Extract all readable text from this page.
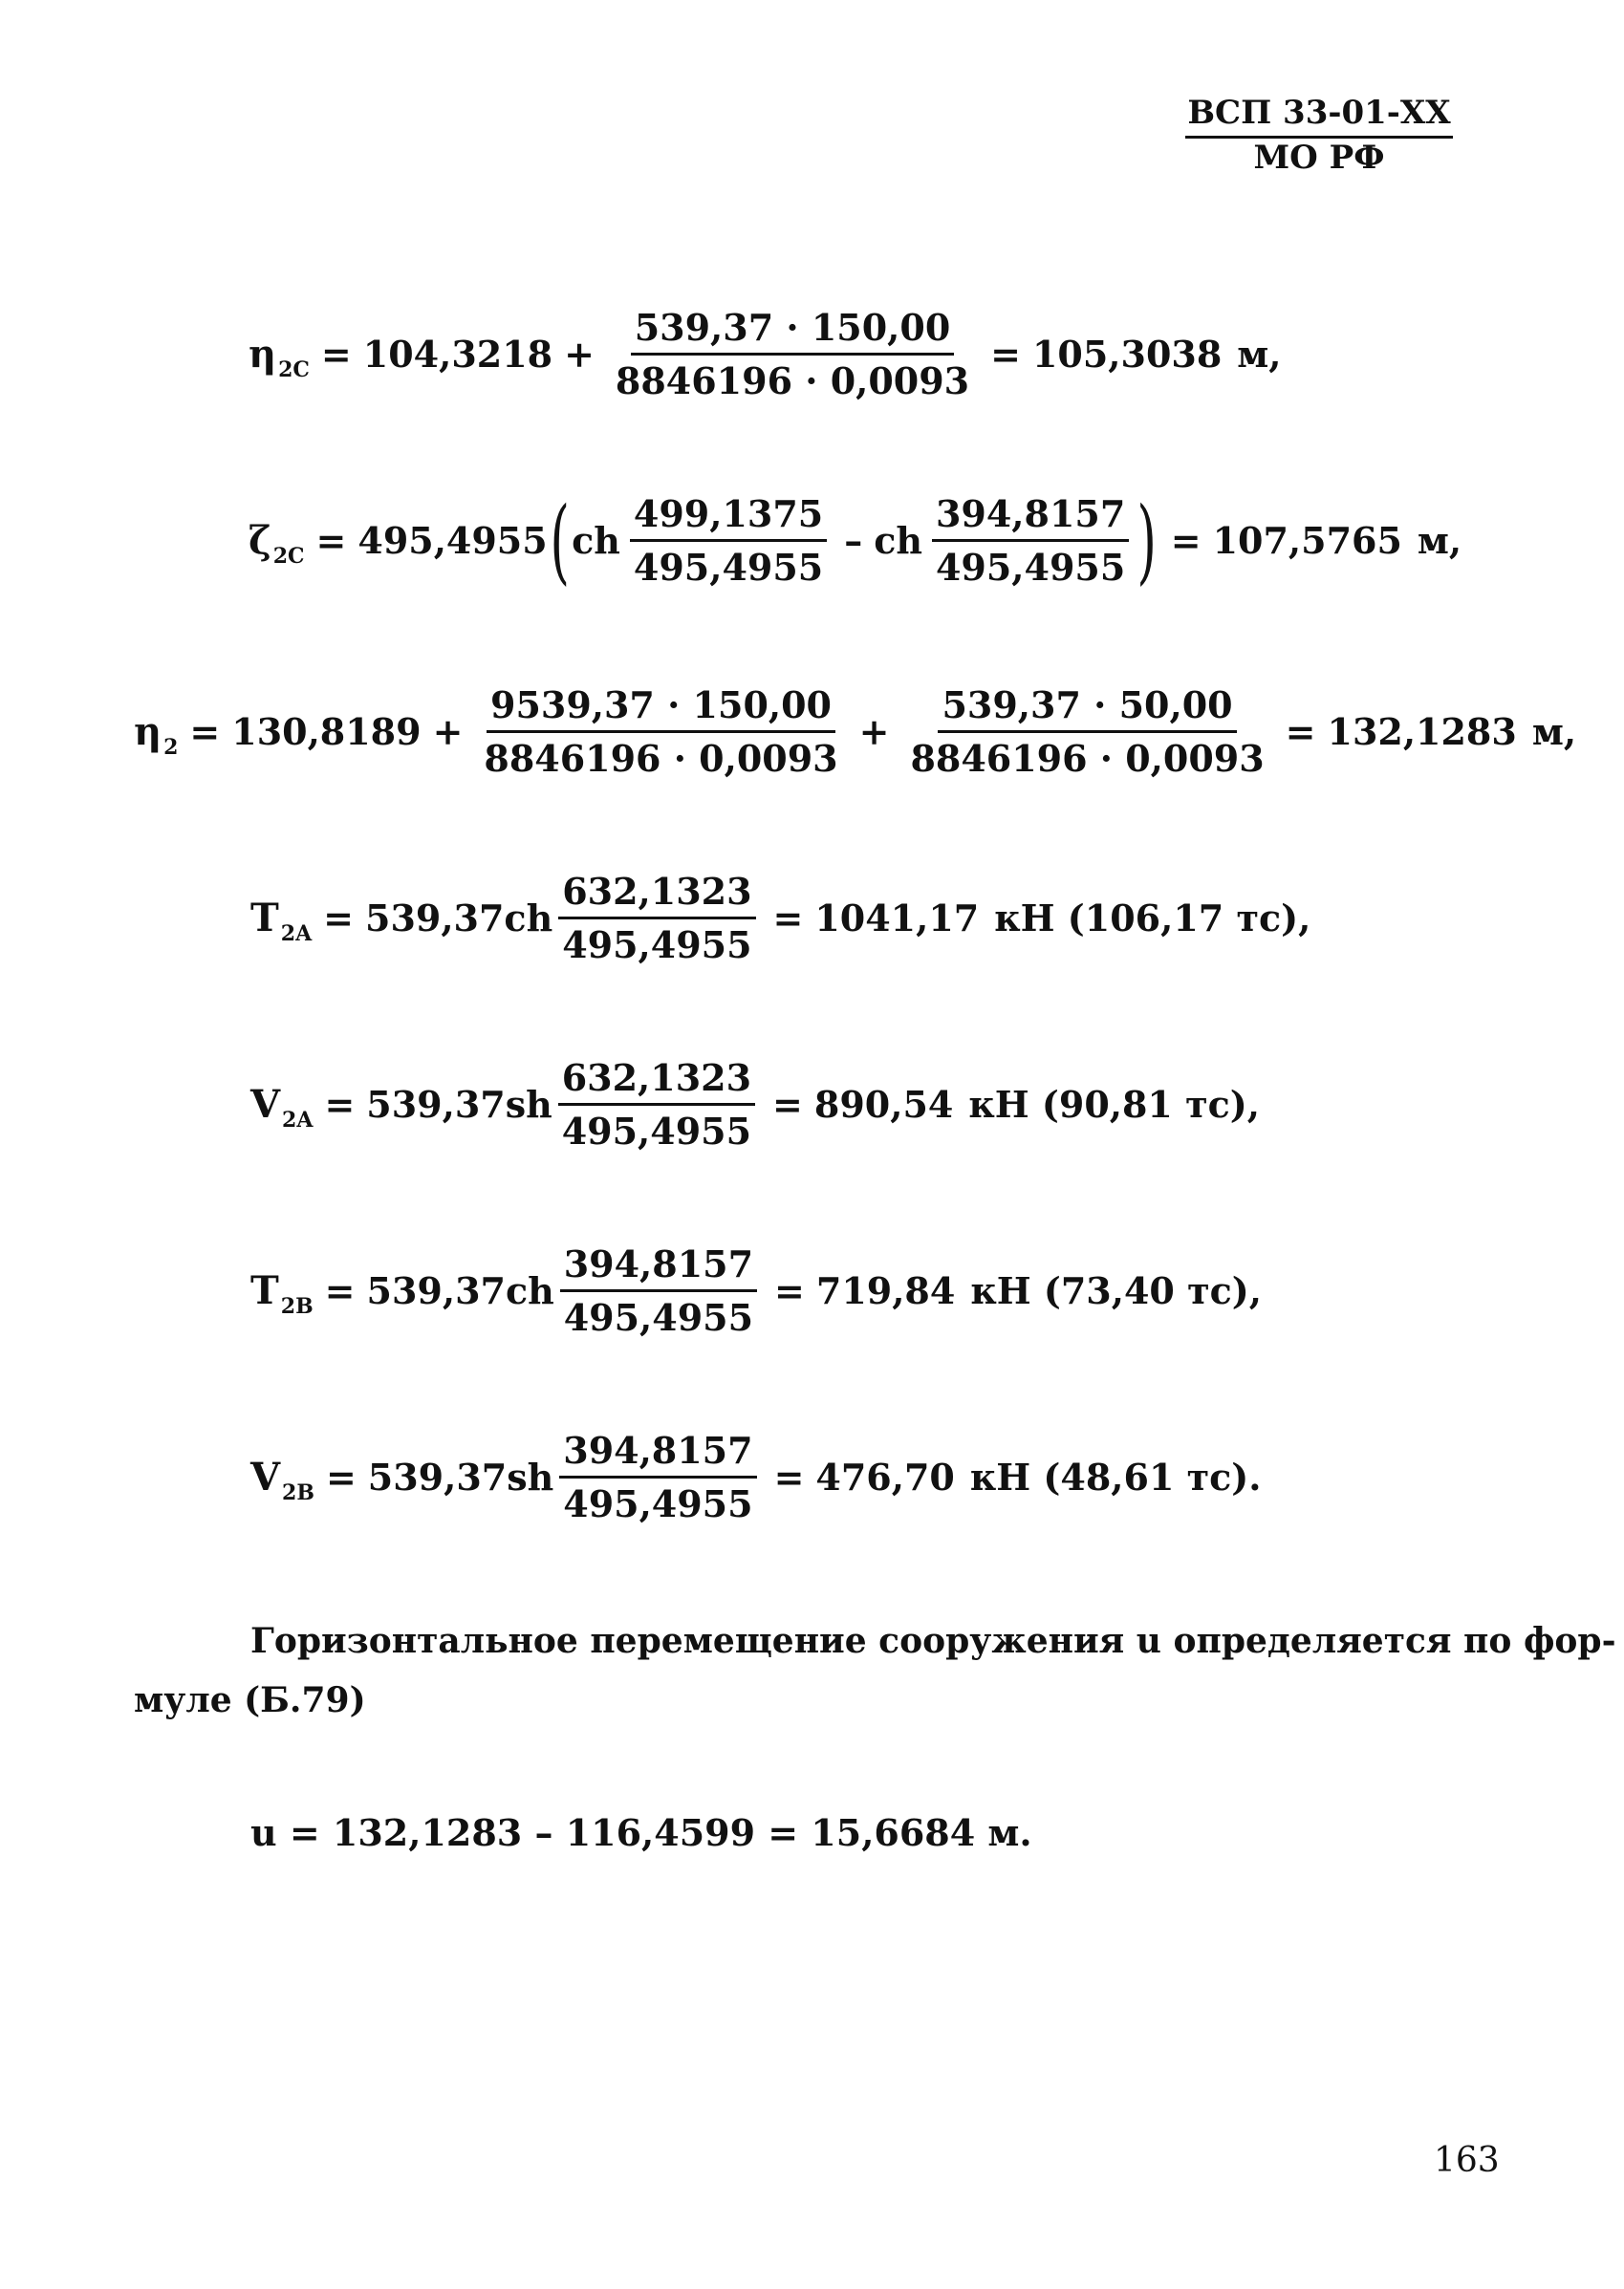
ВСП 33-01-XX
МО РФ
η $2C = 104,3218 + \frac{539,37 \cdot 150,00}{8846196 \cdot 0,0093} = 105,3038$ м,
ζ 2C = 495,4955 ( ch $\frac{499,1375}{495,4955}$ – ch $\frac{394,8157}{495,4955}$ ) = 107,5765 м,
η $2 = 130,8189 + \frac{9539,37 \cdot 150,00}{8846196 \cdot 0,0093} + \frac{539,37 \cdot 50,00}{8846196 \cdot 0,0093} = 132,1283$ м,
T $2A = 539,37ch \frac{632,1323}{495,4955} = 1041,17$ кН (106,17 тс),
V $2A = 539,37sh \frac{632,1323}{495,4955} = 890,54$ кН (90,81 тс),
T $2B = 539,37ch \frac{394,8157}{495,4955} = 719,84$ кН (73,40 тс),
V $2B = 539,37sh \frac{394,8157}{495,4955} = 476,70$ кН (48,61 тс).
Горизонтальное перемещение сооружения u определяется по фор-
муле (Б.79)
u = 132,1283 – 116,4599 = 15,6684 м.
163
